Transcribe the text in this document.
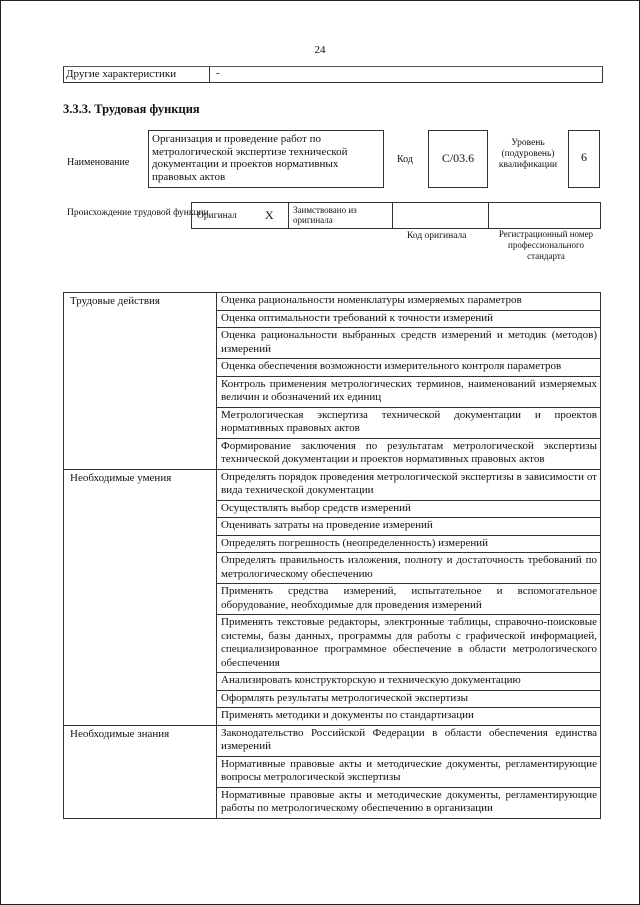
24
Другие характеристики	-
3.3.3. Трудовая функция
Наименование
Организация и проведение работ по метрологической экспертизе технической документации и проектов нормативных правовых актов
Код	C/03.6
Уровень (подуровень) квалификации
6
Происхождение трудовой функции
Оригинал Х Заимствовано из оригинала
Код оригинала	Регистрационный номер профессионального стандарта
Трудовые действия	Оценка рациональности номенклатуры измеряемых параметров
	Оценка оптимальности требований к точности измерений
	Оценка рациональности выбранных средств измерений и методик (методов) измерений
	Оценка обеспечения возможности измерительного контроля параметров
	Контроль применения метрологических терминов, наименований измеряемых величин и обозначений их единиц
	Метрологическая экспертиза технической документации и проектов нормативных правовых актов
	Формирование заключения по результатам метрологической экспертизы технической документации и проектов нормативных правовых актов
Необходимые умения	Определять порядок проведения метрологической экспертизы в зависимости от вида технической документации
	Осуществлять выбор средств измерений
	Оценивать затраты на проведение измерений
	Определять погрешность (неопределенность) измерений
	Определять правильность изложения, полноту и достаточность требований по метрологическому обеспечению
	Применять средства измерений, испытательное и вспомогательное оборудование, необходимые для проведения измерений
	Применять текстовые редакторы, электронные таблицы, справочно-поисковые системы, базы данных, программы для работы с графической информацией, специализированное программное обеспечение в области метрологического обеспечения
	Анализировать конструкторскую и техническую документацию
	Оформлять результаты метрологической экспертизы
	Применять методики и документы по стандартизации
Необходимые знания	Законодательство Российской Федерации в области обеспечения единства измерений
	Нормативные правовые акты и методические документы, регламентирующие вопросы метрологической экспертизы
	Нормативные правовые акты и методические документы, регламентирующие работы по метрологическому обеспечению в организации
